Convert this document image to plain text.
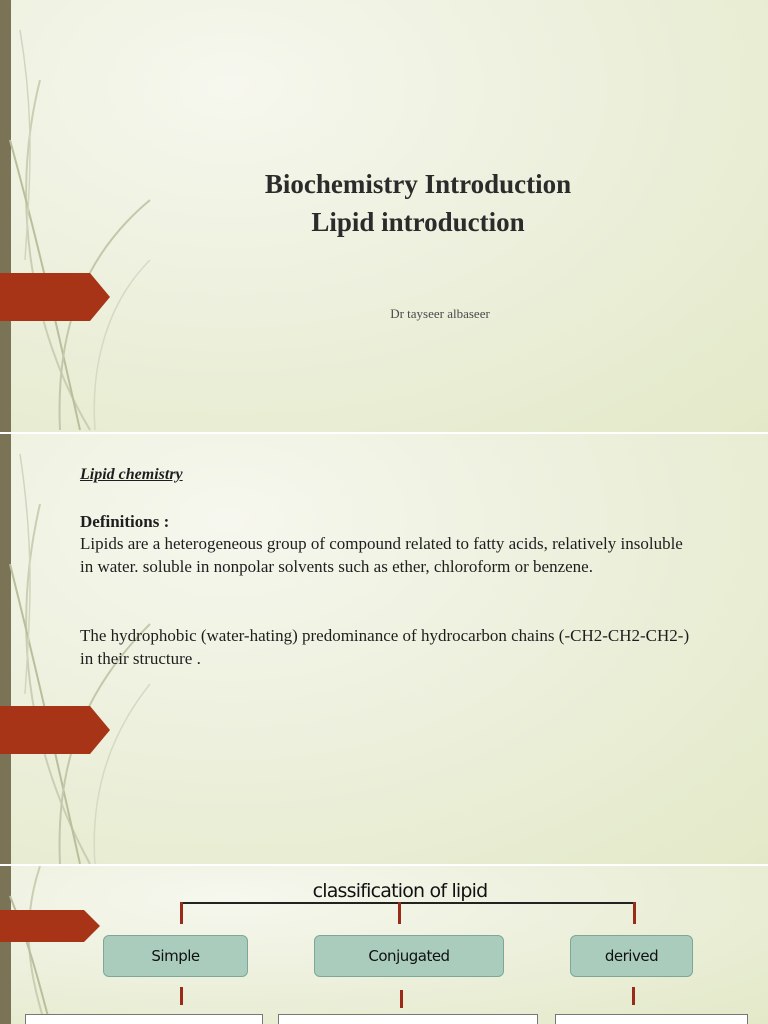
Biochemistry Introduction
Lipid introduction
Dr tayseer albaseer
Lipid chemistry
Definitions :
Lipids are a heterogeneous group of compound related to fatty acids, relatively insoluble in water. soluble in nonpolar solvents such as ether, chloroform or benzene.
The hydrophobic (water-hating) predominance of hydrocarbon chains (-CH2-CH2-CH2-) in their structure .
classification of lipid
Simple	Conjugated	derived
